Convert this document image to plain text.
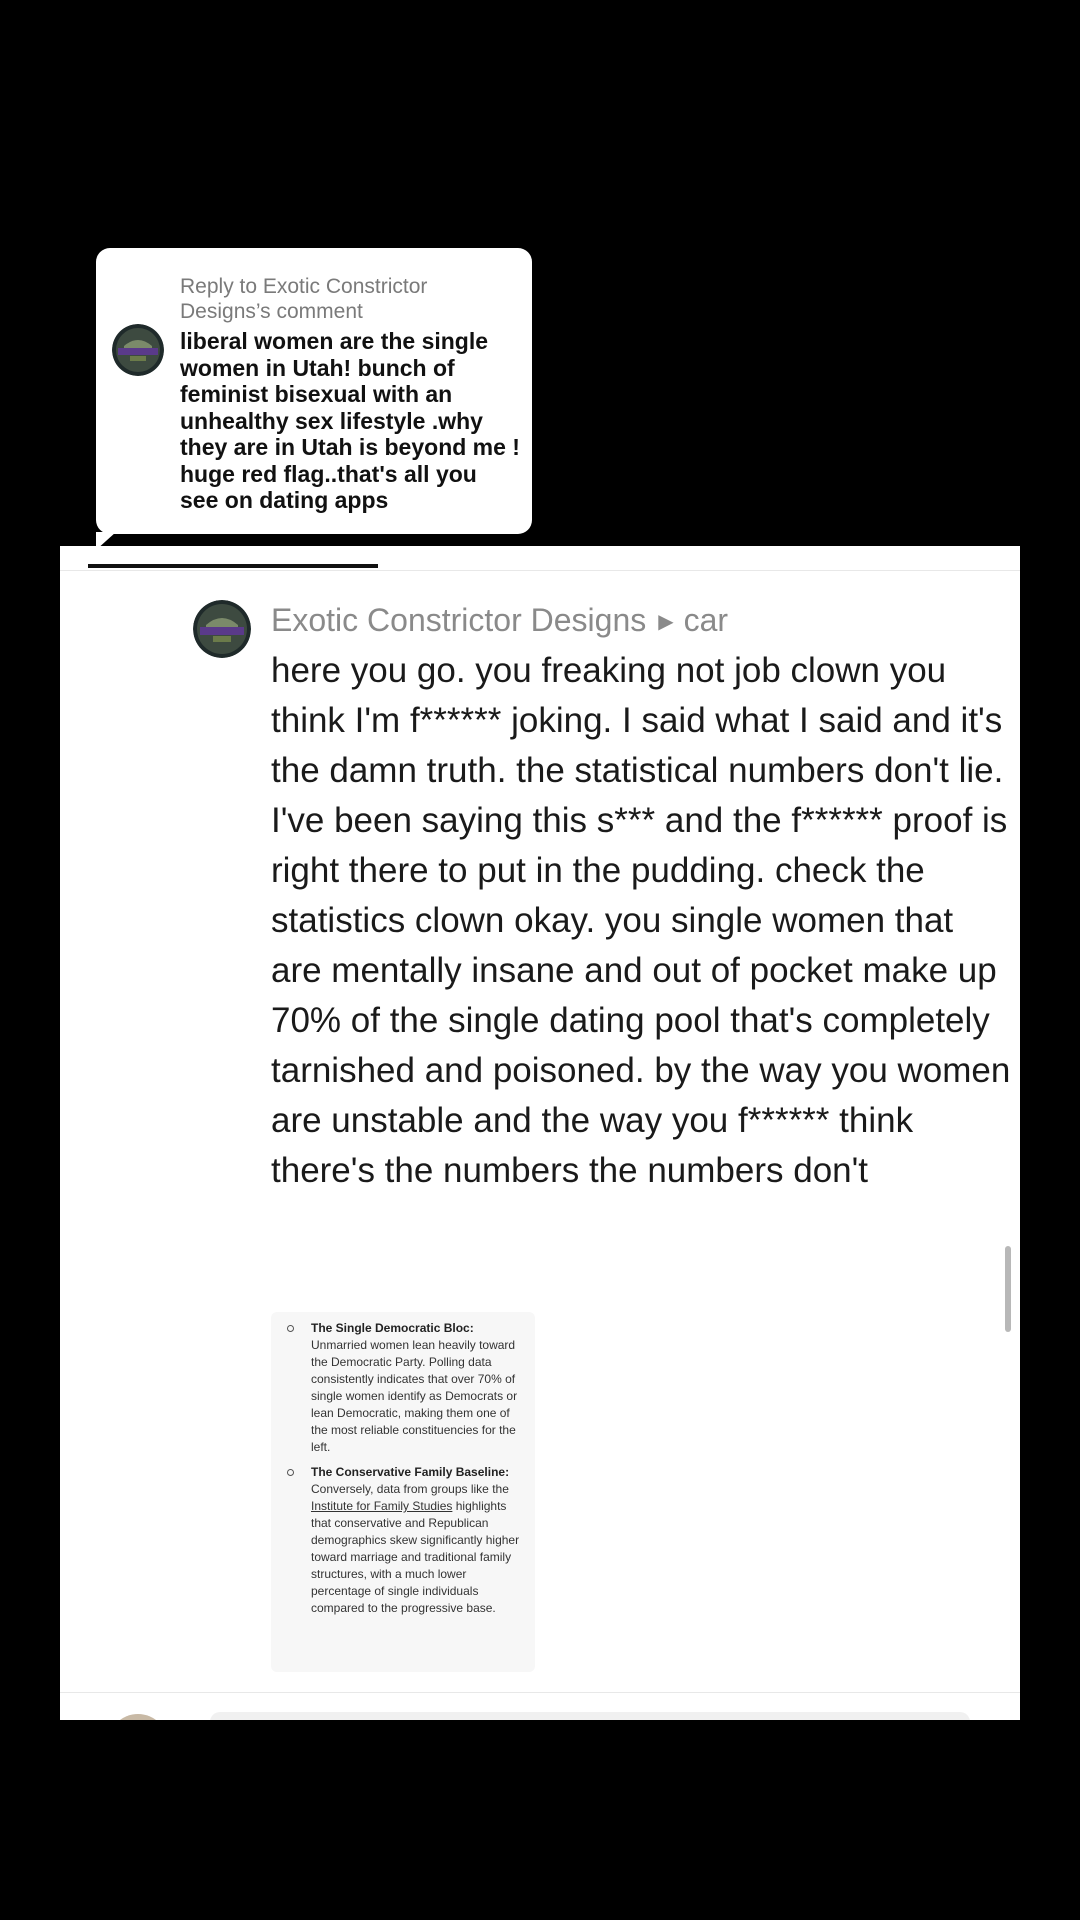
Reply to Exotic Constrictor Designs’s comment
liberal women are the single women in Utah! bunch of feminist bisexual with an unhealthy sex lifestyle .why they are in Utah is beyond me ! huge red flag..that's all you see on dating apps
Exotic Constrictor Designs ▶ car
here you go. you freaking not job clown you think I'm f****** joking. I said what I said and it's the damn truth. the statistical numbers don't lie. I've been saying this s*** and the f****** proof is right there to put in the pudding. check the statistics clown okay. you single women that are mentally insane and out of pocket make up 70% of the single dating pool that's completely tarnished and poisoned. by the way you women are unstable and the way you f****** think there's the numbers the numbers don't
The Single Democratic Bloc:
Unmarried women lean heavily toward the Democratic Party. Polling data consistently indicates that over 70% of single women identify as Democrats or lean Democratic, making them one of the most reliable constituencies for the left.
The Conservative Family Baseline:
Conversely, data from groups like the Institute for Family Studies highlights that conservative and Republican demographics skew significantly higher toward marriage and traditional family structures, with a much lower percentage of single individuals compared to the progressive base.
